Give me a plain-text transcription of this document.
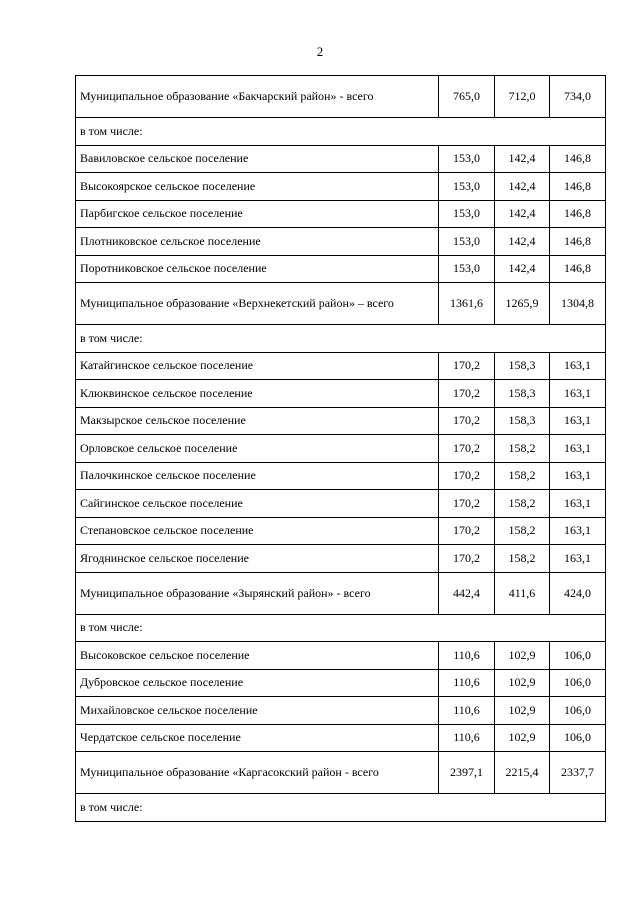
2
Муниципальное образование «Бакчарский район» - всего	765,0	712,0	734,0
в том числе:			
Вавиловское сельское поселение	153,0	142,4	146,8
Высокоярское сельское поселение	153,0	142,4	146,8
Парбигское сельское поселение	153,0	142,4	146,8
Плотниковское сельское поселение	153,0	142,4	146,8
Поротниковское сельское поселение	153,0	142,4	146,8
Муниципальное образование «Верхнекетский район» – всего	1361,6	1265,9	1304,8
в том числе:			
Катайгинское сельское поселение	170,2	158,3	163,1
Клюквинское сельское поселение	170,2	158,3	163,1
Макзырское сельское поселение	170,2	158,3	163,1
Орловское сельское поселение	170,2	158,2	163,1
Палочкинское сельское поселение	170,2	158,2	163,1
Сайгинское сельское поселение	170,2	158,2	163,1
Степановское сельское поселение	170,2	158,2	163,1
Ягоднинское сельское поселение	170,2	158,2	163,1
Муниципальное образование «Зырянский район» - всего	442,4	411,6	424,0
в том числе:			
Высоковское сельское поселение	110,6	102,9	106,0
Дубровское сельское поселение	110,6	102,9	106,0
Михайловское сельское поселение	110,6	102,9	106,0
Чердатское сельское поселение	110,6	102,9	106,0
Муниципальное образование «Каргасокский район - всего	2397,1	2215,4	2337,7
в том числе:			
